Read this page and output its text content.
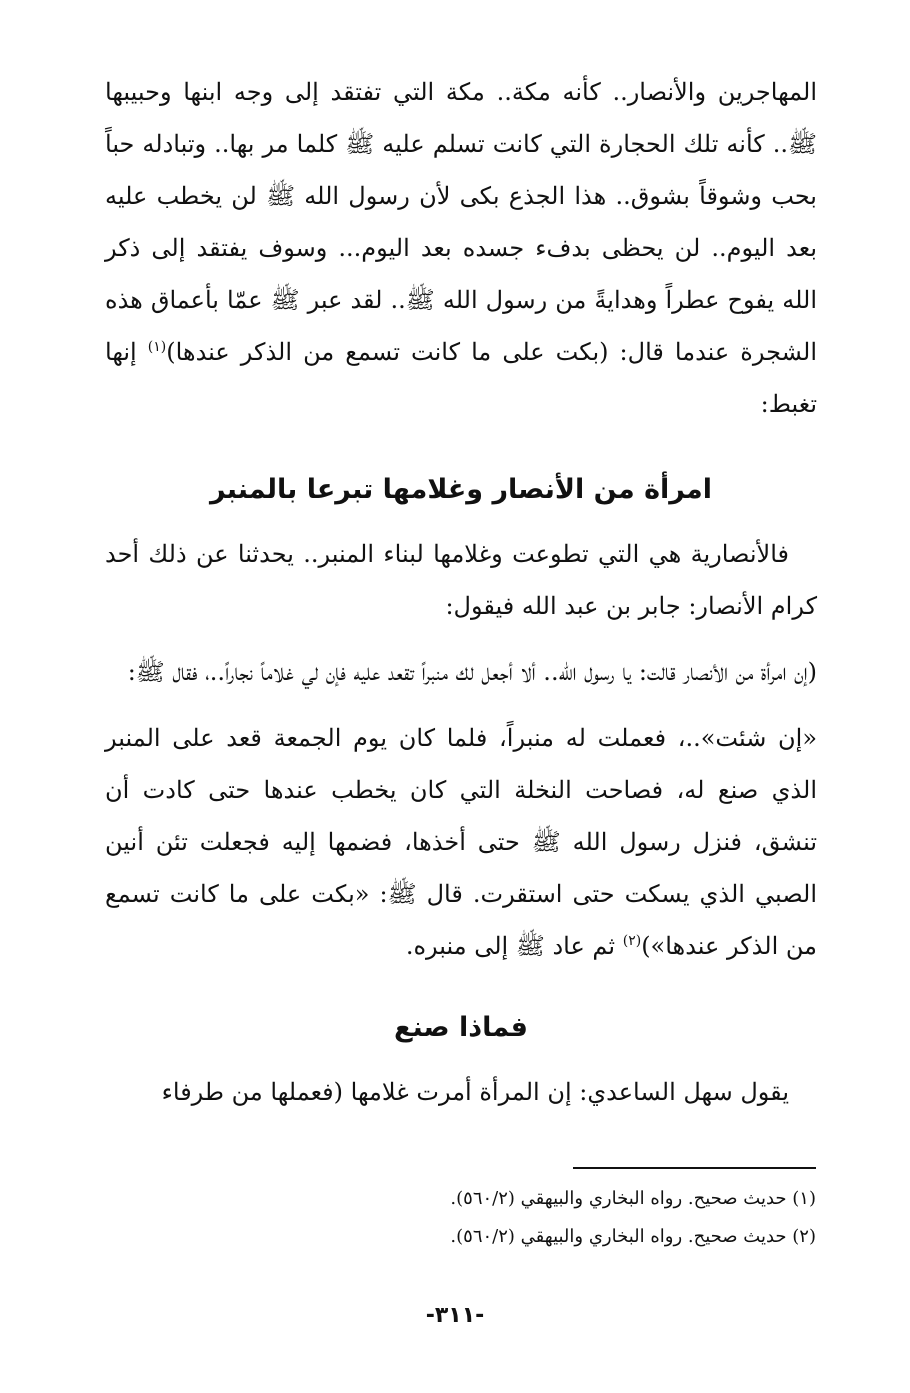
المهاجرين والأنصار.. كأنه مكة.. مكة التي تفتقد إلى وجه ابنها وحبيبها ﷺ.. كأنه تلك الحجارة التي كانت تسلم عليه ﷺ كلما مر بها.. وتبادله حباً بحب وشوقاً بشوق.. هذا الجذع بكى لأن رسول الله ﷺ لن يخطب عليه بعد اليوم.. لن يحظى بدفء جسده بعد اليوم... وسوف يفتقد إلى ذكر الله يفوح عطراً وهدايةً من رسول الله ﷺ.. لقد عبر ﷺ عمّا بأعماق هذه الشجرة عندما قال: (بكت على ما كانت تسمع من الذكر عندها)$^{(١)}$ إنها تغبط:

امرأة من الأنصار وغلامها تبرعا بالمنبر

فالأنصارية هي التي تطوعت وغلامها لبناء المنبر.. يحدثنا عن ذلك أحد كرام الأنصار: جابر بن عبد الله فيقول:

(إن امرأة من الأنصار قالت: يا رسول الله.. ألا أجعل لك منبراً تقعد عليه فإن لي غلاماً نجاراً..، فقال ﷺ:

«إن شئت»..، فعملت له منبراً، فلما كان يوم الجمعة قعد على المنبر الذي صنع له، فصاحت النخلة التي كان يخطب عندها حتى كادت أن تنشق، فنزل رسول الله ﷺ حتى أخذها، فضمها إليه فجعلت تئن أنين الصبي الذي يسكت حتى استقرت. قال ﷺ: «بكت على ما كانت تسمع من الذكر عندها»)$^{(٢)}$ ثم عاد ﷺ إلى منبره.

فماذا صنع

يقول سهل الساعدي: إن المرأة أمرت غلامها (فعملها من طرفاء

(١) حديث صحيح. رواه البخاري والبيهقي (٥٦٠/٢).

(٢) حديث صحيح. رواه البخاري والبيهقي (٥٦٠/٢).

-٣١١-
